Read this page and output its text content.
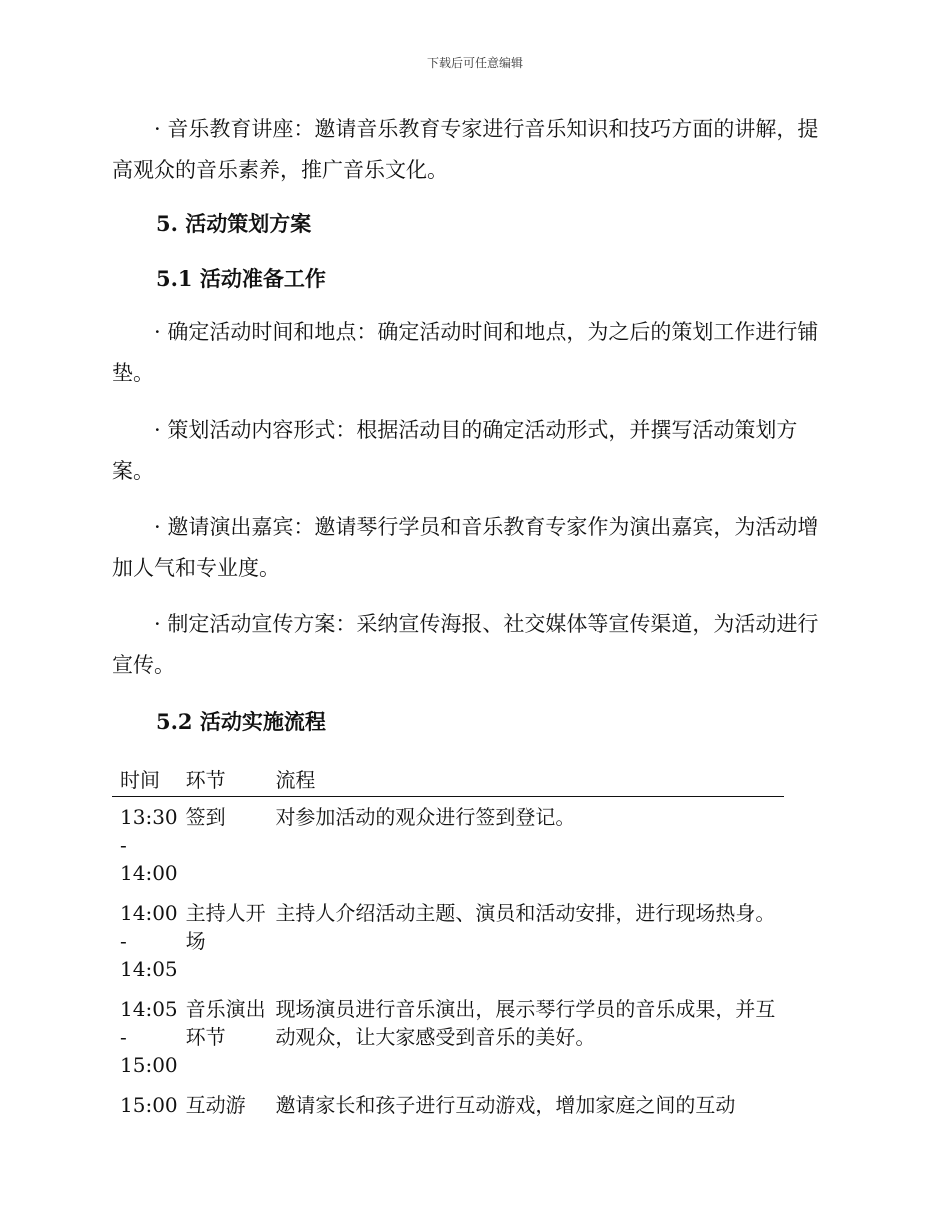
下载后可任意编辑
· 音乐教育讲座：邀请音乐教育专家进行音乐知识和技巧方面的讲解，提高观众的音乐素养，推广音乐文化。
5. 活动策划方案
5.1 活动准备工作
· 确定活动时间和地点：确定活动时间和地点，为之后的策划工作进行铺垫。
· 策划活动内容形式：根据活动目的确定活动形式，并撰写活动策划方案。
· 邀请演出嘉宾：邀请琴行学员和音乐教育专家作为演出嘉宾，为活动增加人气和专业度。
· 制定活动宣传方案：采纳宣传海报、社交媒体等宣传渠道，为活动进行宣传。
5.2 活动实施流程
时间	环节	流程

13:30
-
14:00	签到	对参加活动的观众进行签到登记。

14:00
-
14:05	主持人开场	主持人介绍活动主题、演员和活动安排，进行现场热身。

14:05
-
15:00	音乐演出环节	现场演员进行音乐演出，展示琴行学员的音乐成果，并互动观众，让大家感受到音乐的美好。

15:00	互动游	邀请家长和孩子进行互动游戏，增加家庭之间的互动
